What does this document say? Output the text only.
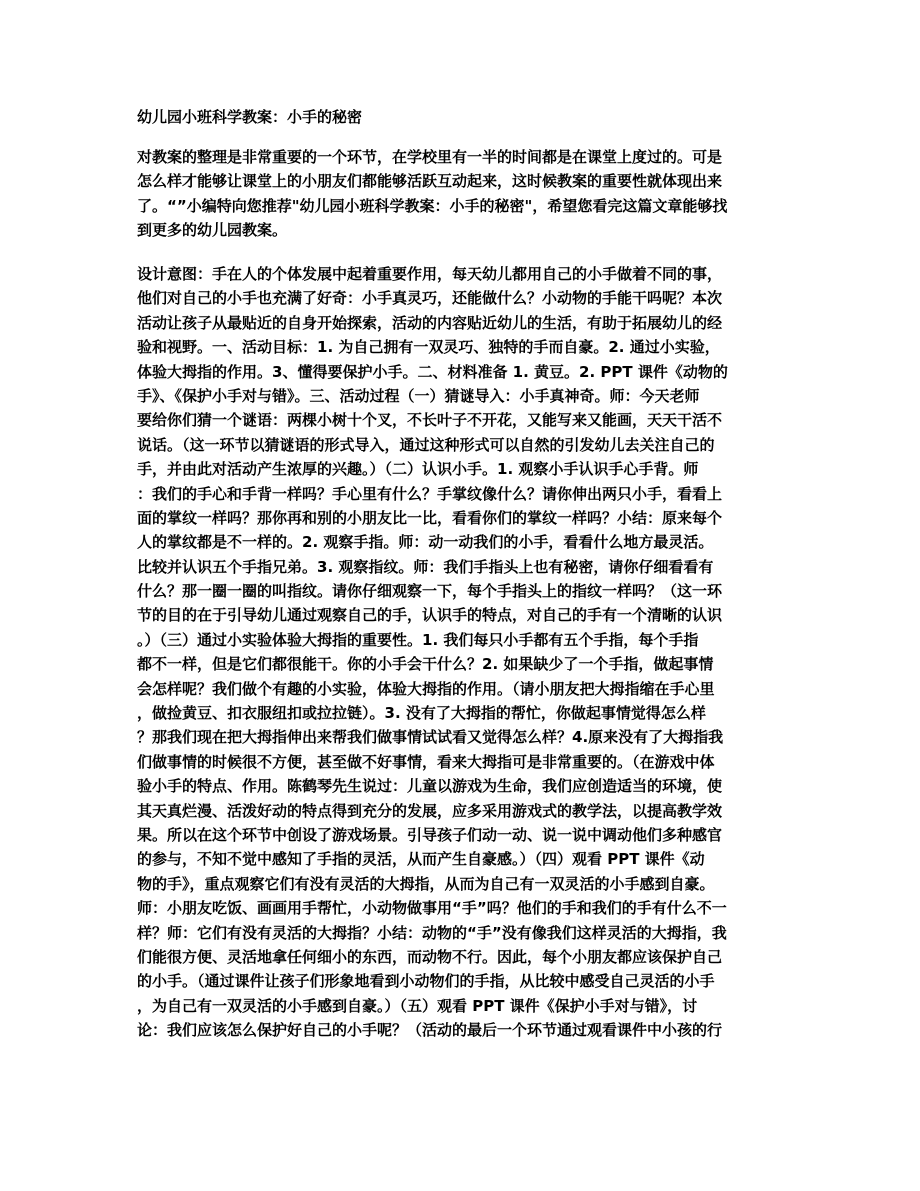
幼儿园小班科学教案：小手的秘密
对教案的整理是非常重要的一个环节，在学校里有一半的时间都是在课堂上度过的。可是
怎么样才能够让课堂上的小朋友们都能够活跃互动起来，这时候教案的重要性就体现出来
了。“”小编特向您推荐"幼儿园小班科学教案：小手的秘密"，希望您看完这篇文章能够找
到更多的幼儿园教案。
设计意图：手在人的个体发展中起着重要作用，每天幼儿都用自己的小手做着不同的事，
他们对自己的小手也充满了好奇：小手真灵巧，还能做什么？小动物的手能干吗呢？本次
活动让孩子从最贴近的自身开始探索，活动的内容贴近幼儿的生活，有助于拓展幼儿的经
验和视野。一、活动目标：1. 为自己拥有一双灵巧、独特的手而自豪。2. 通过小实验，
体验大拇指的作用。3、懂得要保护小手。二、材料准备 1. 黄豆。2. PPT 课件《动物的
手》、《保护小手对与错》。三、活动过程（一）猜谜导入：小手真神奇。师：今天老师
要给你们猜一个谜语：两棵小树十个叉，不长叶子不开花，又能写来又能画，天天干活不
说话。（这一环节以猜谜语的形式导入，通过这种形式可以自然的引发幼儿去关注自己的
手，并由此对活动产生浓厚的兴趣。）（二）认识小手。1. 观察小手认识手心手背。师
：我们的手心和手背一样吗？手心里有什么？手掌纹像什么？请你伸出两只小手，看看上
面的掌纹一样吗？那你再和别的小朋友比一比，看看你们的掌纹一样吗？小结：原来每个
人的掌纹都是不一样的。2. 观察手指。师：动一动我们的小手，看看什么地方最灵活。
比较并认识五个手指兄弟。3. 观察指纹。师：我们手指头上也有秘密，请你仔细看看有
什么？那一圈一圈的叫指纹。请你仔细观察一下，每个手指头上的指纹一样吗？（这一环
节的目的在于引导幼儿通过观察自己的手，认识手的特点，对自己的手有一个清晰的认识
。）（三）通过小实验体验大拇指的重要性。1. 我们每只小手都有五个手指，每个手指
都不一样，但是它们都很能干。你的小手会干什么？2. 如果缺少了一个手指，做起事情
会怎样呢？我们做个有趣的小实验，体验大拇指的作用。（请小朋友把大拇指缩在手心里
，做捡黄豆、扣衣服纽扣或拉拉链）。3. 没有了大拇指的帮忙，你做起事情觉得怎么样
？那我们现在把大拇指伸出来帮我们做事情试试看又觉得怎么样？4.原来没有了大拇指我
们做事情的时候很不方便，甚至做不好事情，看来大拇指可是非常重要的。（在游戏中体
验小手的特点、作用。陈鹤琴先生说过：儿童以游戏为生命，我们应创造适当的环境，使
其天真烂漫、活泼好动的特点得到充分的发展，应多采用游戏式的教学法，以提高教学效
果。所以在这个环节中创设了游戏场景。引导孩子们动一动、说一说中调动他们多种感官
的参与，不知不觉中感知了手指的灵活，从而产生自豪感。）（四）观看 PPT 课件《动
物的手》，重点观察它们有没有灵活的大拇指，从而为自己有一双灵活的小手感到自豪。
师：小朋友吃饭、画画用手帮忙，小动物做事用“手”吗？他们的手和我们的手有什么不一
样？师：它们有没有灵活的大拇指？小结：动物的“手”没有像我们这样灵活的大拇指，我
们能很方便、灵活地拿任何细小的东西，而动物不行。因此，每个小朋友都应该保护自己
的小手。（通过课件让孩子们形象地看到小动物们的手指，从比较中感受自己灵活的小手
，为自己有一双灵活的小手感到自豪。）（五）观看 PPT 课件《保护小手对与错》，讨
论：我们应该怎么保护好自己的小手呢？（活动的最后一个环节通过观看课件中小孩的行
